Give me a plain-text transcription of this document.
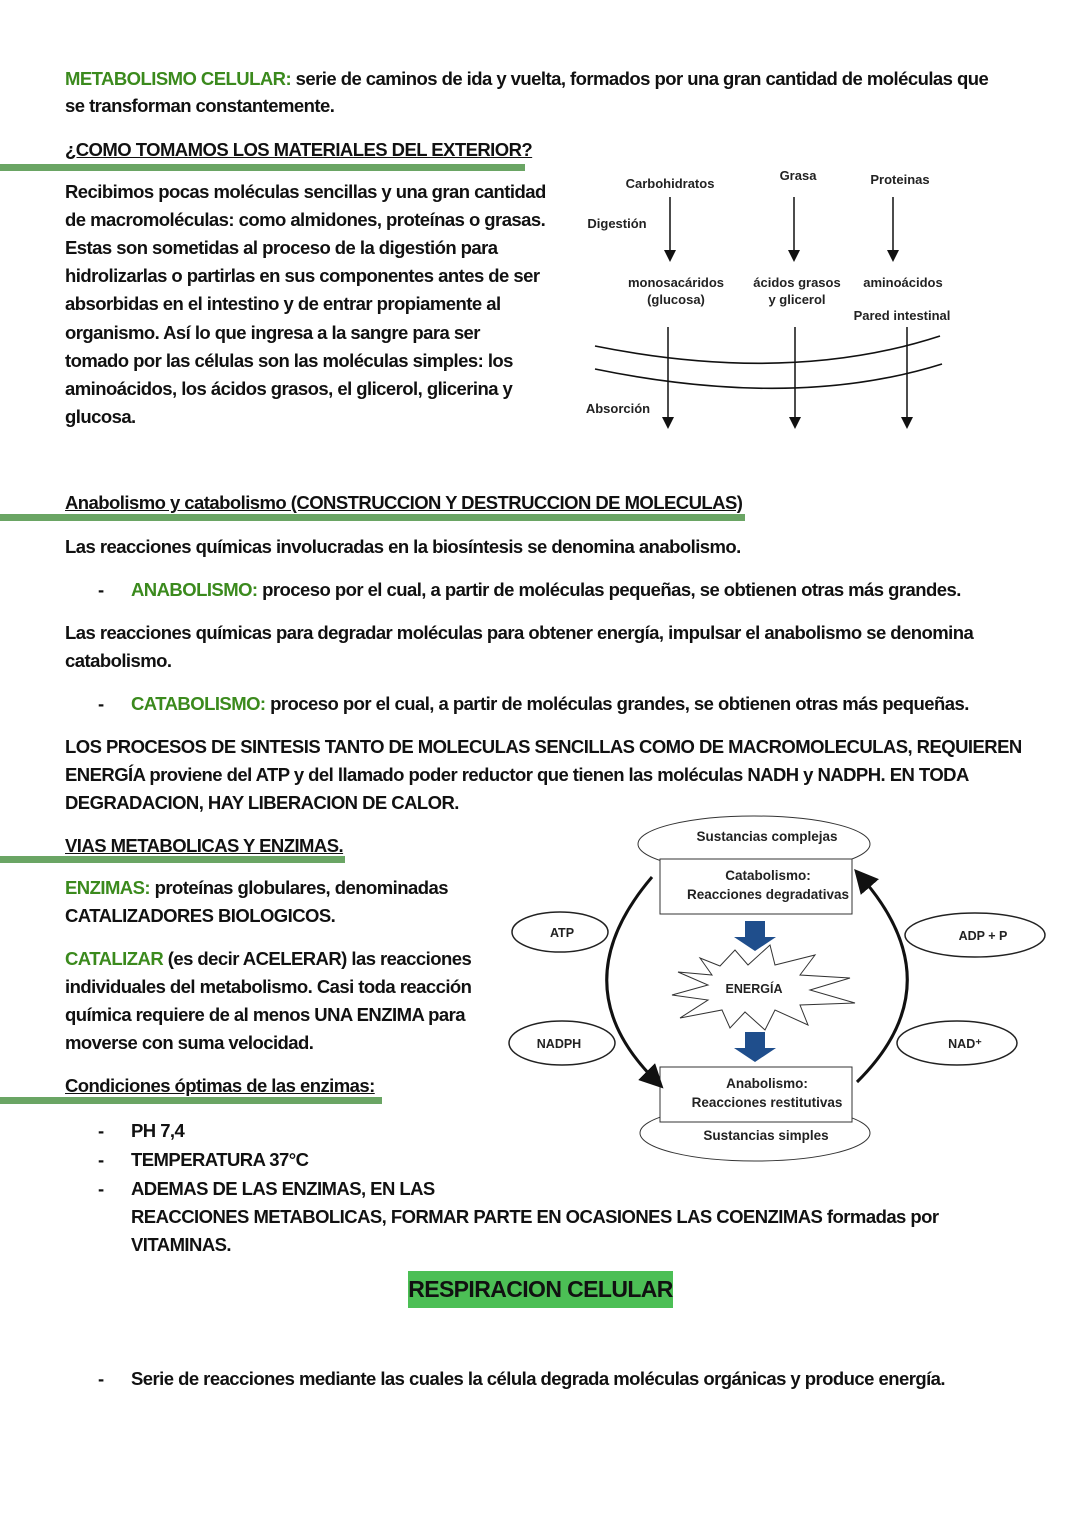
METABOLISMO CELULAR: serie de caminos de ida y vuelta, formados por una gran cantidad de moléculas que
se transforman constantemente.
¿COMO TOMAMOS LOS MATERIALES DEL EXTERIOR?
Recibimos pocas moléculas sencillas y una gran cantidad
de macromoléculas: como almidones, proteínas o grasas.
Estas son sometidas al proceso de la digestión para
hidrolizarlas o partirlas en sus componentes antes de ser
absorbidas en el intestino y de entrar propiamente al
organismo. Así lo que ingresa a la sangre para ser
tomado por las células son las moléculas simples: los
aminoácidos, los ácidos grasos, el glicerol, glicerina y
glucosa.
Carbohidratos
Grasa	Proteinas
Digestión
monosacáridos
(glucosa)
ácidos grasos
y glicerol
aminoácidos
Pared intestinal
Absorción
Sustancias complejas
Catabolismo:
Reacciones degradativas
ENERGÍA
Anabolismo:
Reacciones restitutivas
Sustancias simples
ATP	ADP + P
NADPH	NAD⁺
Anabolismo y catabolismo (CONSTRUCCION Y DESTRUCCION DE MOLECULAS)
Las reacciones químicas involucradas en la biosíntesis se denomina anabolismo.
- ANABOLISMO: proceso por el cual, a partir de moléculas pequeñas, se obtienen otras más grandes.
Las reacciones químicas para degradar moléculas para obtener energía, impulsar el anabolismo se denomina
catabolismo.
- CATABOLISMO: proceso por el cual, a partir de moléculas grandes, se obtienen otras más pequeñas.
LOS PROCESOS DE SINTESIS TANTO DE MOLECULAS SENCILLAS COMO DE MACROMOLECULAS, REQUIEREN
ENERGÍA proviene del ATP y del llamado poder reductor que tienen las moléculas NADH y NADPH. EN TODA
DEGRADACION, HAY LIBERACION DE CALOR.
VIAS METABOLICAS Y ENZIMAS.
ENZIMAS: proteínas globulares, denominadas
CATALIZADORES BIOLOGICOS.
CATALIZAR (es decir ACELERAR) las reacciones
individuales del metabolismo. Casi toda reacción
química requiere de al menos UNA ENZIMA para
moverse con suma velocidad.
Condiciones óptimas de las enzimas:
- PH 7,4
- TEMPERATURA 37°C
- ADEMAS DE LAS ENZIMAS, EN LAS
REACCIONES METABOLICAS, FORMAR PARTE EN OCASIONES LAS COENZIMAS formadas por
VITAMINAS.
RESPIRACION CELULAR
- Serie de reacciones mediante las cuales la célula degrada moléculas orgánicas y produce energía.
